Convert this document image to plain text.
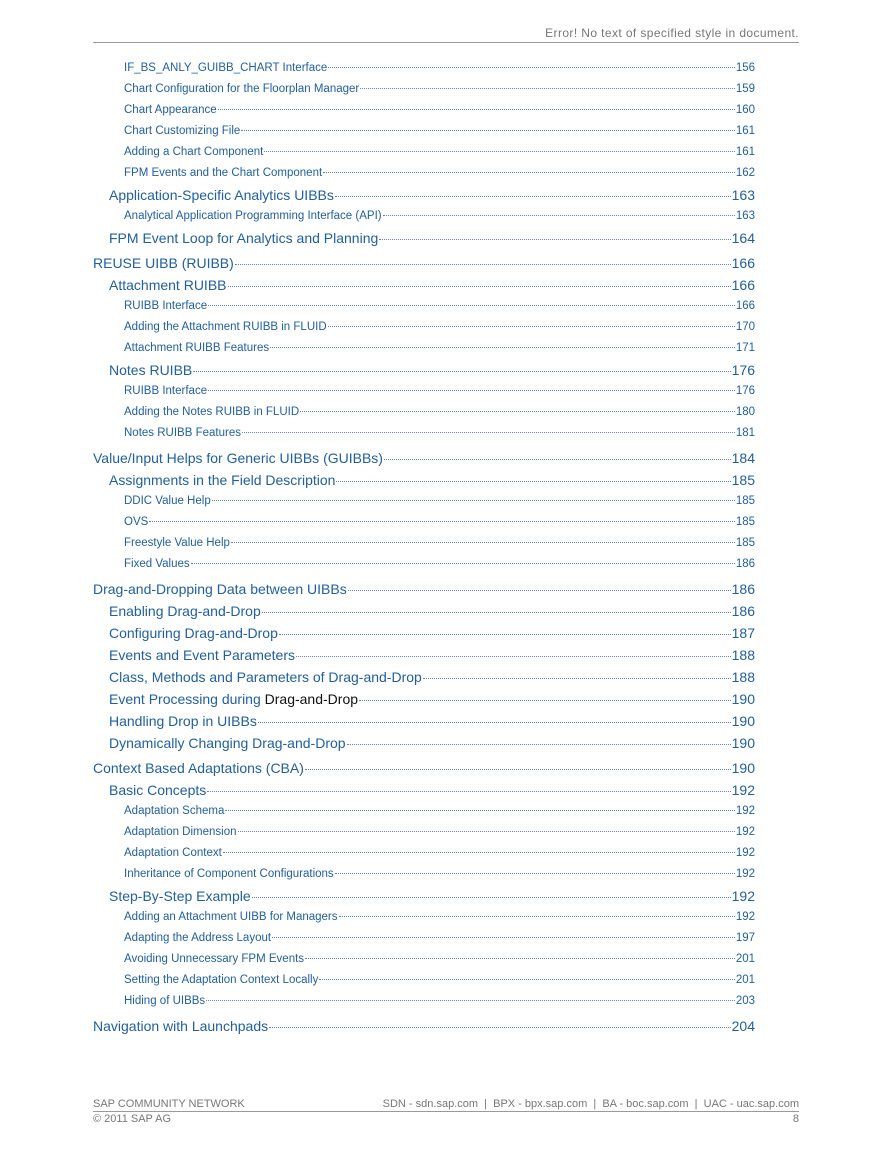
Error! No text of specified style in document.
IF_BS_ANLY_GUIBB_CHART Interface	156
Chart Configuration for the Floorplan Manager	159
Chart Appearance	160
Chart Customizing File	161
Adding a Chart Component	161
FPM Events and the Chart Component	162
Application-Specific Analytics UIBBs	163
Analytical Application Programming Interface (API)	163
FPM Event Loop for Analytics and Planning	164
REUSE UIBB (RUIBB)	166
Attachment RUIBB	166
RUIBB Interface	166
Adding the Attachment RUIBB in FLUID	170
Attachment RUIBB Features	171
Notes RUIBB	176
RUIBB Interface	176
Adding the Notes RUIBB in FLUID	180
Notes RUIBB Features	181
Value/Input Helps for Generic UIBBs (GUIBBs)	184
Assignments in the Field Description	185
DDIC Value Help	185
OVS	185
Freestyle Value Help	185
Fixed Values	186
Drag-and-Dropping Data between UIBBs	186
Enabling Drag-and-Drop	186
Configuring Drag-and-Drop	187
Events and Event Parameters	188
Class, Methods and Parameters of Drag-and-Drop	188
Event Processing during Drag-and-Drop	190
Handling Drop in UIBBs	190
Dynamically Changing Drag-and-Drop	190
Context Based Adaptations (CBA)	190
Basic Concepts	192
Adaptation Schema	192
Adaptation Dimension	192
Adaptation Context	192
Inheritance of Component Configurations	192
Step-By-Step Example	192
Adding an Attachment UIBB for Managers	192
Adapting the Address Layout	197
Avoiding Unnecessary FPM Events	201
Setting the Adaptation Context Locally	201
Hiding of UIBBs	203
Navigation with Launchpads	204
SAP COMMUNITY NETWORK	SDN - sdn.sap.com  |  BPX - bpx.sap.com  |  BA - boc.sap.com  |  UAC - uac.sap.com
© 2011 SAP AG	8
